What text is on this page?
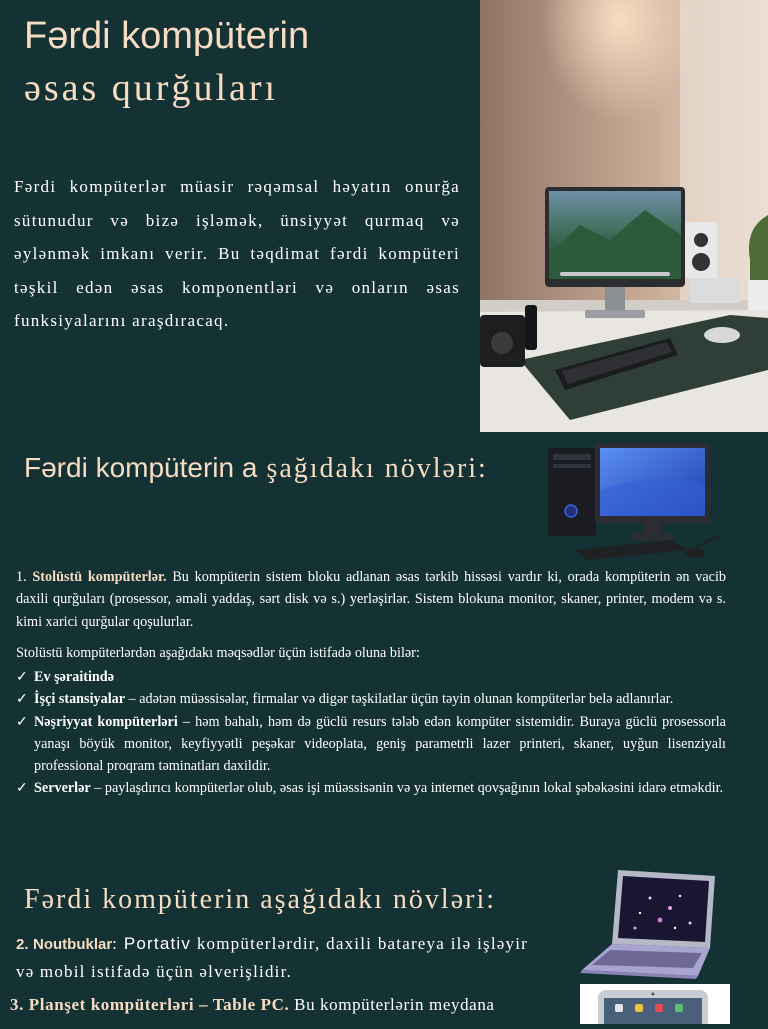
Fərdi kompüterin
əsas qurğuları
Fərdi kompüterlər müasir rəqəmsal həyatın onurğa sütunudur və bizə işləmək, ünsiyyət qurmaq və əylənmək imkanı verir. Bu təqdimat fərdi kompüteri təşkil edən əsas komponentləri və onların əsas funksiyalarını araşdıracaq.
Fərdi kompüterin a şağıdakı növləri:
1. Stolüstü kompüterlər. Bu kompüterin sistem bloku adlanan əsas tərkib hissəsi vardır ki, orada kompüterin ən vacib daxili qurğuları (prosessor, əməli yaddaş, sərt disk və s.) yerləşirlər. Sistem blokuna monitor, skaner, printer, modem və s. kimi xarici qurğular qoşulurlar.
Stolüstü kompüterlərdən aşağıdakı məqsədlər üçün istifadə oluna bilər:
✓ Ev şəraitində
✓ İşçi stansiyalar – adətən müəssisələr, firmalar və digər təşkilatlar üçün təyin olunan kompüterlər belə adlanırlar.
✓ Nəşriyyat kompüterləri – həm bahalı, həm də güclü resurs tələb edən kompüter sistemidir. Buraya güclü prosessorla yanaşı böyük monitor, keyfiyyətli peşəkar videoplata, geniş parametrli lazer printeri, skaner, uyğun lisenziyalı professional proqram təminatları daxildir.
✓ Serverlər – paylaşdırıcı kompüterlər olub, əsas işi müəssisənin və ya internet qovşağının lokal şəbəkəsini idarə etməkdir.
Fərdi kompüterin aşağıdakı növləri:
2. Noutbuklar: Portativ kompüterlərdir, daxili batareya ilə işləyir və mobil istifadə üçün əlverişlidir.
3. Planşet kompüterləri – Table PC. Bu kompüterlərin meydana
